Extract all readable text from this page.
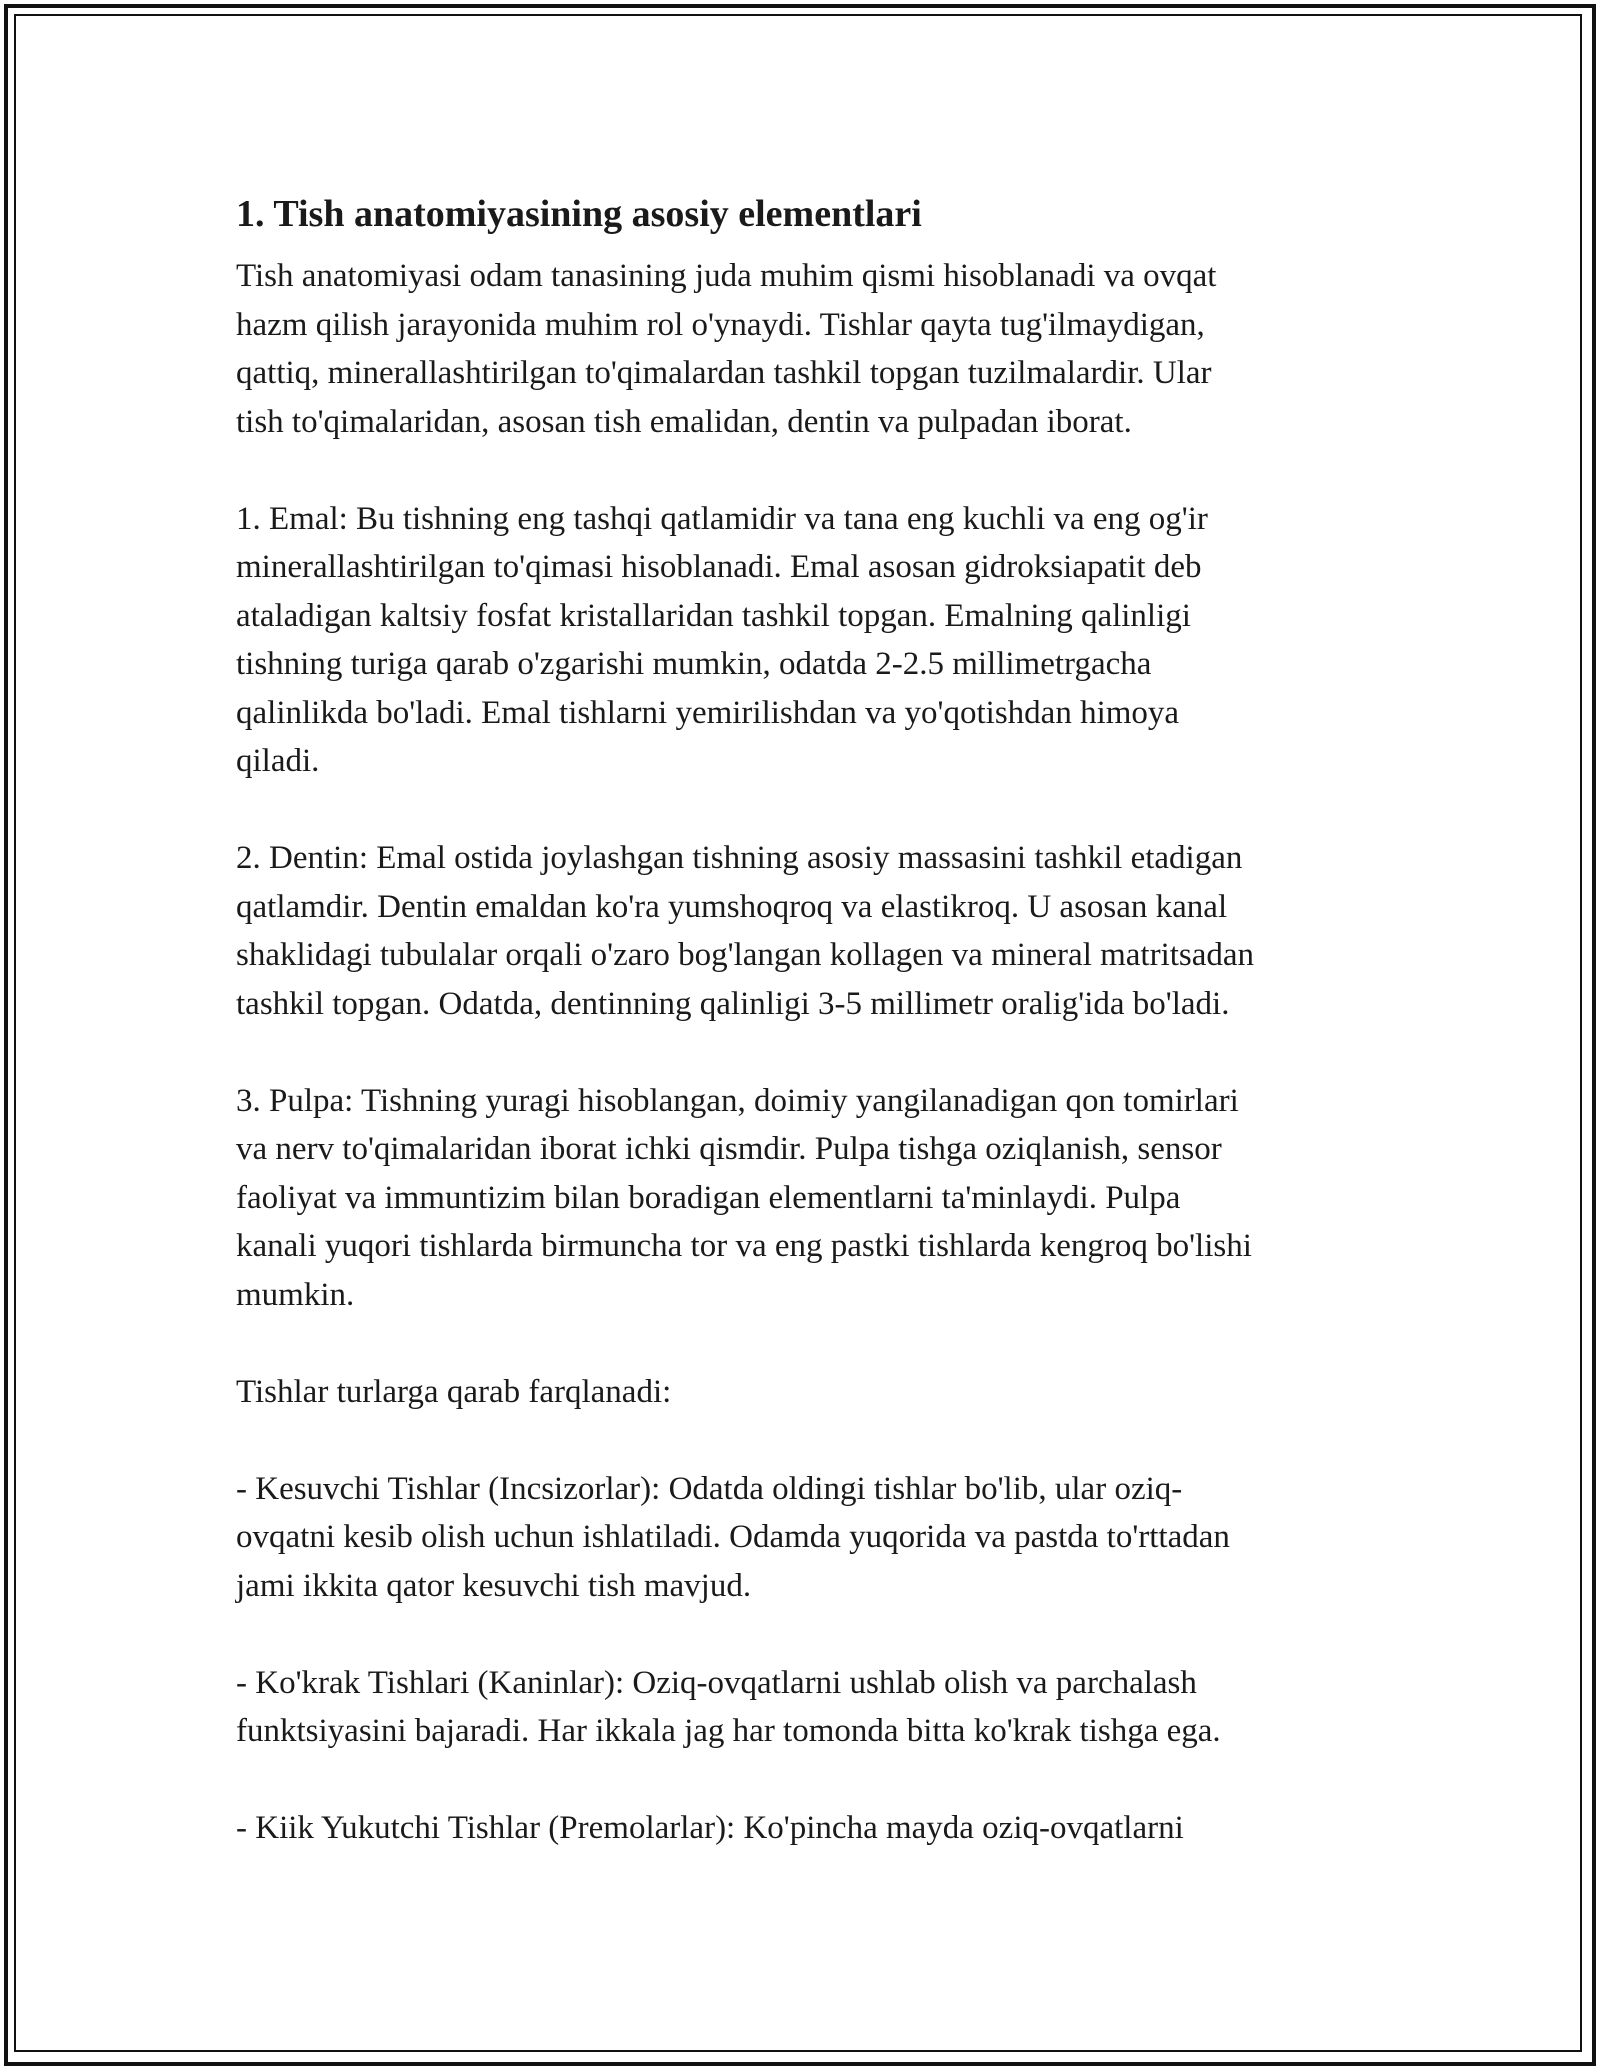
1. Tish anatomiyasining asosiy elementlari

Tish anatomiyasi odam tanasining juda muhim qismi hisoblanadi va ovqat
hazm qilish jarayonida muhim rol o'ynaydi. Tishlar qayta tug'ilmaydigan,
qattiq, minerallashtirilgan to'qimalardan tashkil topgan tuzilmalardir. Ular
tish to'qimalaridan, asosan tish emalidan, dentin va pulpadan iborat.

1. Emal: Bu tishning eng tashqi qatlamidir va tana eng kuchli va eng og'ir
minerallashtirilgan to'qimasi hisoblanadi. Emal asosan gidroksiapatit deb
ataladigan kaltsiy fosfat kristallaridan tashkil topgan. Emalning qalinligi
tishning turiga qarab o'zgarishi mumkin, odatda 2-2.5 millimetrgacha
qalinlikda bo'ladi. Emal tishlarni yemirilishdan va yo'qotishdan himoya
qiladi.

2. Dentin: Emal ostida joylashgan tishning asosiy massasini tashkil etadigan
qatlamdir. Dentin emaldan ko'ra yumshoqroq va elastikroq. U asosan kanal
shaklidagi tubulalar orqali o'zaro bog'langan kollagen va mineral matritsadan
tashkil topgan. Odatda, dentinning qalinligi 3-5 millimetr oralig'ida bo'ladi.

3. Pulpa: Tishning yuragi hisoblangan, doimiy yangilanadigan qon tomirlari
va nerv to'qimalaridan iborat ichki qismdir. Pulpa tishga oziqlanish, sensor
faoliyat va immuntizim bilan boradigan elementlarni ta'minlaydi. Pulpa
kanali yuqori tishlarda birmuncha tor va eng pastki tishlarda kengroq bo'lishi
mumkin.

Tishlar turlarga qarab farqlanadi:

- Kesuvchi Tishlar (Incsizorlar): Odatda oldingi tishlar bo'lib, ular oziq-
ovqatni kesib olish uchun ishlatiladi. Odamda yuqorida va pastda to'rttadan
jami ikkita qator kesuvchi tish mavjud.

- Ko'krak Tishlari (Kaninlar): Oziq-ovqatlarni ushlab olish va parchalash
funktsiyasini bajaradi. Har ikkala jag har tomonda bitta ko'krak tishga ega.

- Kiik Yukutchi Tishlar (Premolarlar): Ko'pincha mayda oziq-ovqatlarni
